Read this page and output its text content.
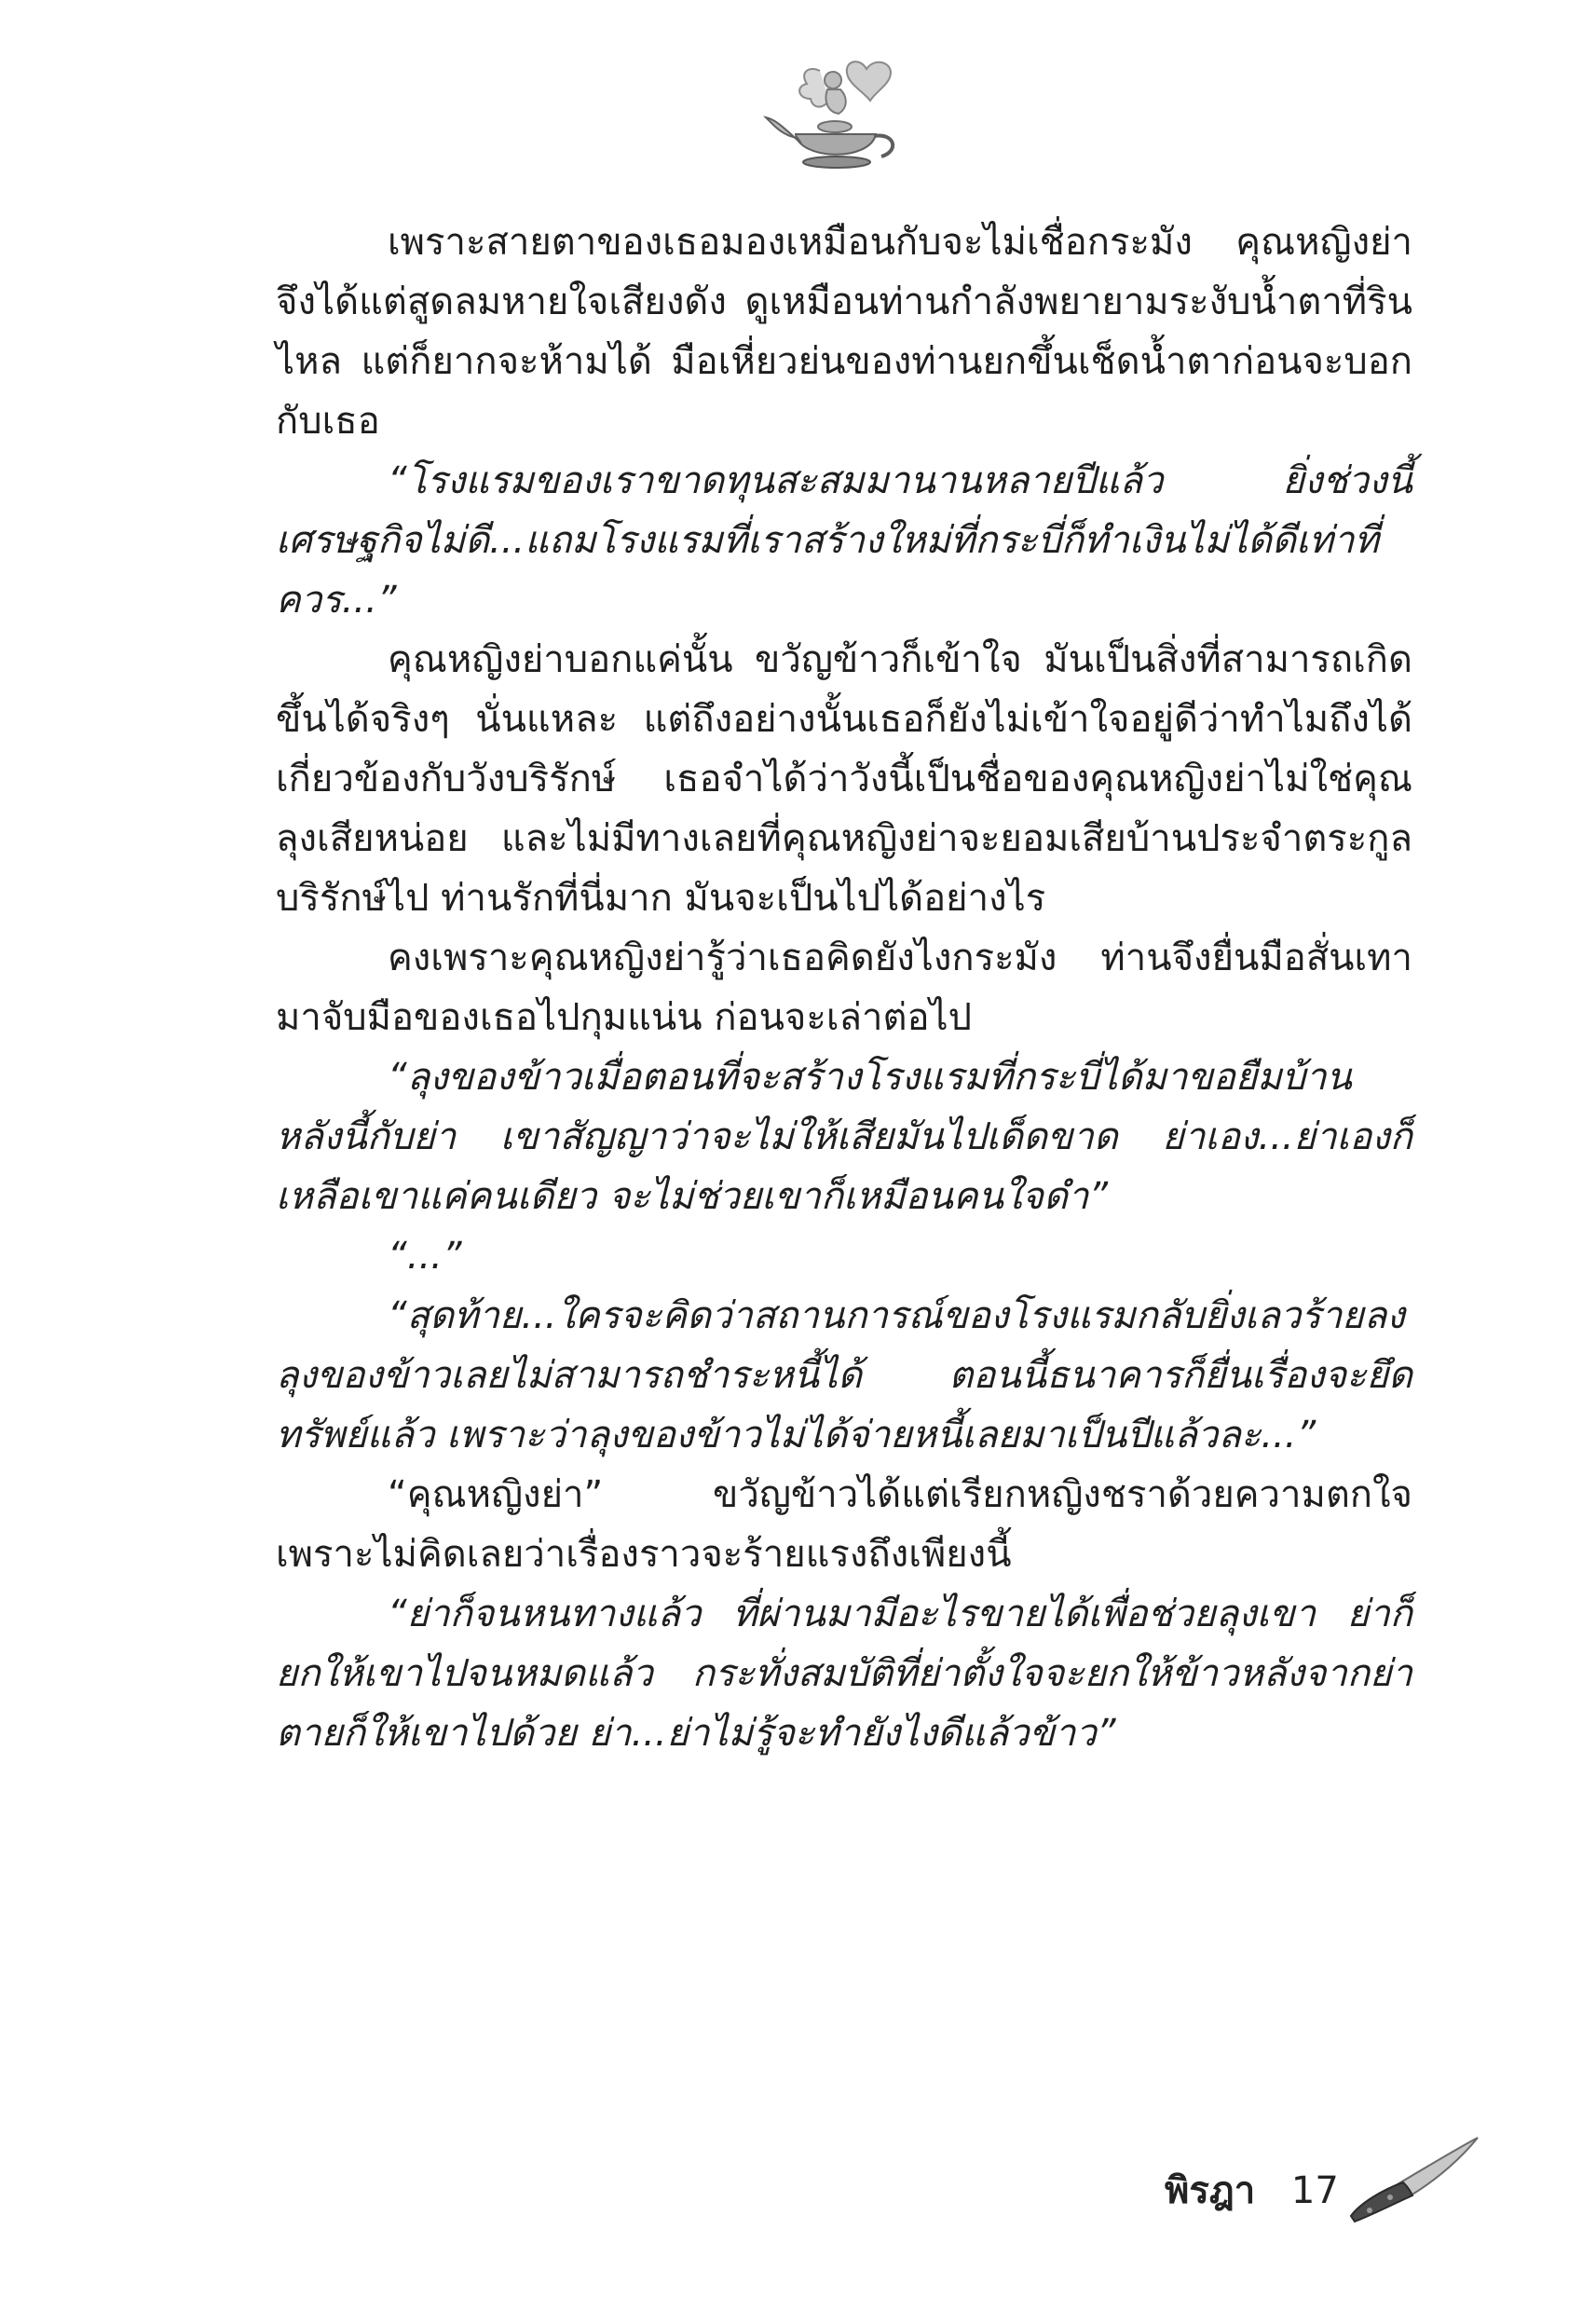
เพราะสายตาของเธอมองเหมือนกับจะไม่เชื่อกระมัง คุณหญิงย่าจึงได้แต่สูดลมหายใจเสียงดัง ดูเหมือนท่านกำลังพยายามระงับน้ำตาที่รินไหล แต่ก็ยากจะห้ามได้ มือเหี่ยวย่นของท่านยกขึ้นเช็ดน้ำตาก่อนจะบอกกับเธอ

“โรงแรมของเราขาดทุนสะสมมานานหลายปีแล้ว ยิ่งช่วงนี้เศรษฐกิจไม่ดี...แถมโรงแรมที่เราสร้างใหม่ที่กระบี่ก็ทำเงินไม่ได้ดีเท่าที่ควร...”

คุณหญิงย่าบอกแค่นั้น ขวัญข้าวก็เข้าใจ มันเป็นสิ่งที่สามารถเกิดขึ้นได้จริงๆ นั่นแหละ แต่ถึงอย่างนั้นเธอก็ยังไม่เข้าใจอยู่ดีว่าทำไมถึงได้เกี่ยวข้องกับวังบริรักษ์ เธอจำได้ว่าวังนี้เป็นชื่อของคุณหญิงย่าไม่ใช่คุณลุงเสียหน่อย และไม่มีทางเลยที่คุณหญิงย่าจะยอมเสียบ้านประจำตระกูลบริรักษ์ไป ท่านรักที่นี่มาก มันจะเป็นไปได้อย่างไร

คงเพราะคุณหญิงย่ารู้ว่าเธอคิดยังไงกระมัง ท่านจึงยื่นมือสั่นเทามาจับมือของเธอไปกุมแน่น ก่อนจะเล่าต่อไป

“ลุงของข้าวเมื่อตอนที่จะสร้างโรงแรมที่กระบี่ได้มาขอยืมบ้านหลังนี้กับย่า เขาสัญญาว่าจะไม่ให้เสียมันไปเด็ดขาด ย่าเอง...ย่าเองก็เหลือเขาแค่คนเดียว จะไม่ช่วยเขาก็เหมือนคนใจดำ”

“...”

“สุดท้าย...ใครจะคิดว่าสถานการณ์ของโรงแรมกลับยิ่งเลวร้ายลงลุงของข้าวเลยไม่สามารถชำระหนี้ได้ ตอนนี้ธนาคารก็ยื่นเรื่องจะยึดทรัพย์แล้ว เพราะว่าลุงของข้าวไม่ได้จ่ายหนี้เลยมาเป็นปีแล้วละ...”

“คุณหญิงย่า” ขวัญข้าวได้แต่เรียกหญิงชราด้วยความตกใจ เพราะไม่คิดเลยว่าเรื่องราวจะร้ายแรงถึงเพียงนี้

“ย่าก็จนหนทางแล้ว ที่ผ่านมามีอะไรขายได้เพื่อช่วยลุงเขา ย่าก็ยกให้เขาไปจนหมดแล้ว กระทั่งสมบัติที่ย่าตั้งใจจะยกให้ข้าวหลังจากย่าตายก็ให้เขาไปด้วย ย่า...ย่าไม่รู้จะทำยังไงดีแล้วข้าว”

พิรฎา 17
